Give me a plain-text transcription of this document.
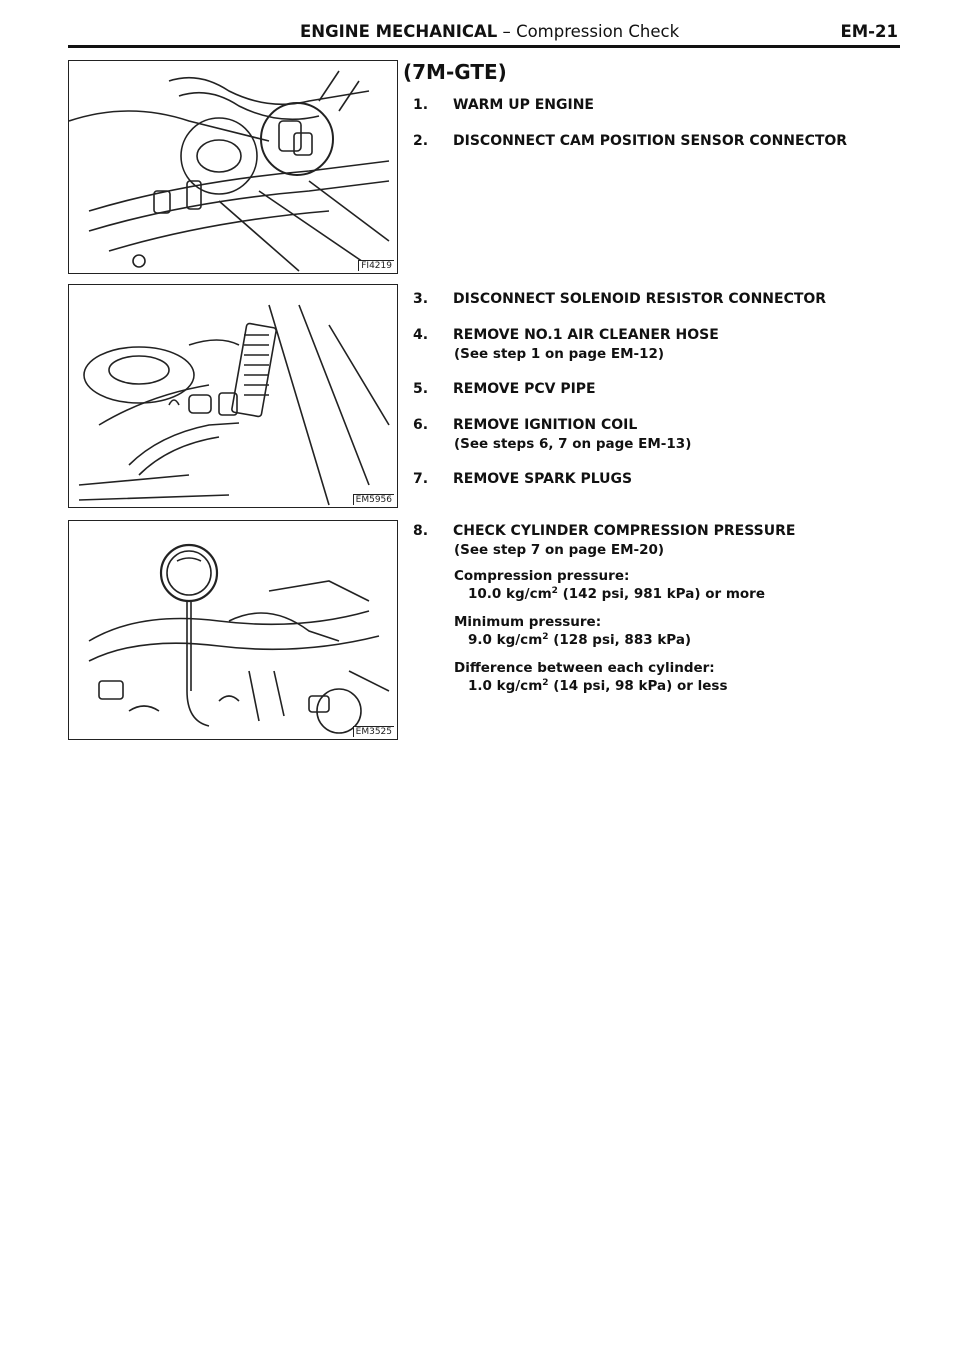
ENGINE MECHANICAL – Compression Check	EM-21
FI4219
EM5956
EM3525
(7M-GTE)
1. WARM UP ENGINE
2. DISCONNECT CAM POSITION SENSOR CONNECTOR
3. DISCONNECT SOLENOID RESISTOR CONNECTOR
4. REMOVE NO.1 AIR CLEANER HOSE
(See step 1 on page EM-12)
5. REMOVE PCV PIPE
6. REMOVE IGNITION COIL
(See steps 6, 7 on page EM-13)
7. REMOVE SPARK PLUGS
8. CHECK CYLINDER COMPRESSION PRESSURE
(See step 7 on page EM-20)
Compression pressure:
10.0 $kg/cm^2$ (142 psi, 981 kPa) or more
Minimum pressure:
9.0 $kg/cm^2$ (128 psi, 883 kPa)
Difference between each cylinder:
1.0 $kg/cm^2$ (14 psi, 98 kPa) or less
